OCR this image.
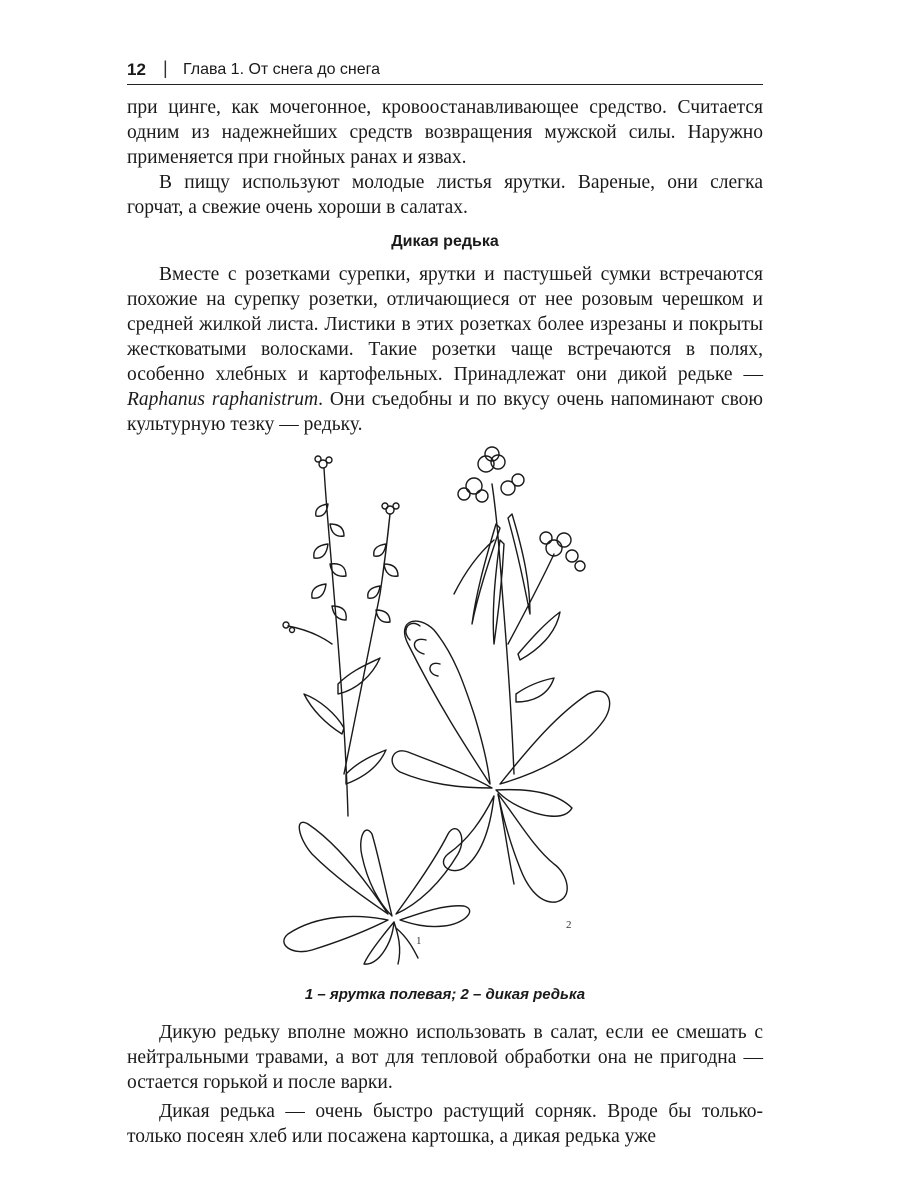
12 | Глава 1. От снега до снега

при цинге, как мочегонное, кровоостанавливающее средство. Считается одним из надежнейших средств возвращения мужской силы. Наружно применяется при гнойных ранах и язвах.

В пищу используют молодые листья ярутки. Вареные, они слегка горчат, а свежие очень хороши в салатах.

Дикая редька

Вместе с розетками сурепки, ярутки и пастушьей сумки встречаются похожие на сурепку розетки, отличающиеся от нее розовым черешком и средней жилкой листа. Листики в этих розетках более изрезаны и покрыты жестковатыми волосками. Такие розетки чаще встречаются в полях, особенно хлебных и картофельных. Принадлежат они дикой редьке — Raphanus raphanistrum. Они съедобны и по вкусу очень напоминают свою культурную тезку — редьку.

1
2
1 – ярутка полевая; 2 – дикая редька

Дикую редьку вполне можно использовать в салат, если ее смешать с нейтральными травами, а вот для тепловой обработки она не пригодна — остается горькой и после варки.

Дикая редька — очень быстро растущий сорняк. Вроде бы только-только посеян хлеб или посажена картошка, а дикая редька уже
